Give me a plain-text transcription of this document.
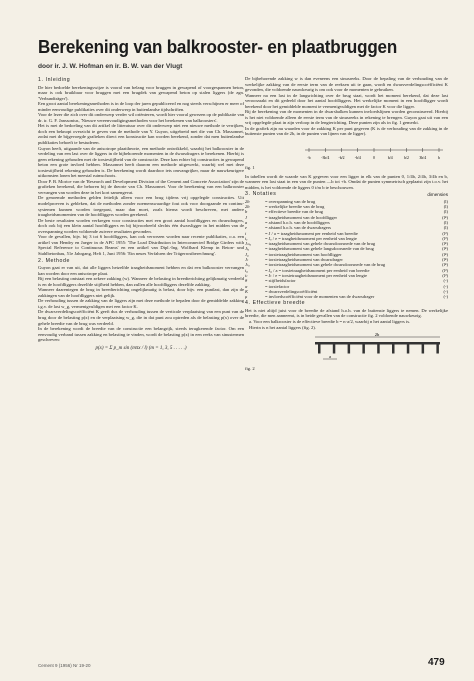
Berekening van balkrooster- en plaatbruggen
door ir. J. W. Hofman en ir. B. W. van der Vlugt
1. Inleiding

De hier bedoelde berekeningswijze is vooral van belang voor bruggen in gewapend of voorgespannen beton, maar is ook bruikbaar voor bruggen met een brugdek van gewapend beton op stalen liggers (de zgn. 'Verbundträger').

Een groot aantal berekeningsmethoden is in de loop der jaren gepubliceerd en nog steeds verschijnen er meer of minder eenvoudige publikaties over dit onderwerp in buitenlandse tijdschriften.

Voor de lezer die zich over dit onderwerp verder wil oriënteren, wordt hier vooral gewezen op de publikatie van dr. ir. G. F. Janssonius, 'Nieuwe vereenvoudigingsmethoden voor het berekenen van balkroosters'.

Het is met de bedoeling van dit artikel de litteratuur over dit onderwerp niet een nieuwe methode te verrijken, doch een beknopt overzicht te geven van de methode van Y. Guyon, uitgebreid met die van Ch. Massonnet, zodat met de bijgevoegde grafieken direct een konstructie kan worden berekend, zonder dat men buitenlandse publikaties behoeft te bestuderen.

Guyon heeft, uitgaande van de anisotrope plaattheorie, een methode ontwikkeld, waarbij het balkrooster in de verdeling van een last over de liggers in de bijbehorende momenten in de dwarsdragers te berekenen. Hierbij is geen rekening gehouden met de torsiestijfheid van de constructie. Deze kan echter bij constructies in gewapend beton een grote invloed hebben. Massonnet heeft daarom een methode uitgewerkt, waarbij wel met deze torsiestijfheid rekening gehouden is. De berekening wordt daardoor iets omvangrijker, maar de nauwkeurigere uitkomsten lonen het meestal ruimschoots.

Door P. B. Morice van de 'Research and Development Division of the Cement and Concrete Association' zijn de grafieken berekend, die behoren bij de theorie van Ch. Massonnet. Voor de berekening van een balkrooster vervangen van worden deze in het kort samengevat.

De genoemde methoden gelden feitelijk alleen voor een brug tijdens vrij opgelegde constructies. Uit modelproeven is gebleken, dat de methoden zonder noemenswaardige fout ook voor doorgaande en continu-systemen kunnen worden toegepast, maar dan moet, zoals hierna wordt beschreven, met andere traagheidsmomenten van de hoofdliggers worden gerekend.

De beste resultaten worden verkregen voor constructies met een groot aantal hoofdliggers en dwarsdragers, doch ook bij een klein aantal hoofdliggers en bij bijvoorbeeld slechts één dwarsligger in het midden van de overspanning worden voldoende zuivere resultaten gevonden.

Voor de gevallen, bijv. bij 3 tot 6 hoofdliggers, kan ook verwezen worden naar recente publikaties, o.a. een artikel van Hendry en Jaeger in de APC 1955: 'The Load Distribution in Interconnected Bridge Girders with Special Reference to Continuous Beams' en een artikel van Dipl.-Ing. Wolfhard Klemp in Beton- und Stahlbetonbau, 51e Jahrgang, Heft 1, Juni 1956: 'Ein neues Verfahren der Trägerrostberechnung'.

2. Methode

Guyon gaat er van uit, dat alle liggers hetzelfde traagheidsmoment hebben en dat een balkrooster vervangen kan worden door een anisotrope plaat.

Bij een belasting ontstaat een zekere zakking (w). Wanneer de belasting in breedterichting gelijkmatig verdeeld is en de hoofdliggers dezelfde stijfheid hebben, dan zullen alle hoofdliggers dezelfde zakking.

Wanneer daarentegen de brug in breedterichting ongelijkmatig is belast, door bijv. een puntlast, dan zijn de zakkingen van de hoofdliggers niet gelijk.

De verhouding tussen de zakking van de liggers zijn met deze methode te bepalen door de gemiddelde zakking t.g.v. de last w_g, vermenigvuldigen met een factor K.

De dwarsverdelingscoëfficiënt K geeft dus de verhouding tussen de verticale verplaatsing van een punt van de brug door de belasting p(x) en de verplaatsing w_g, die in dat punt zou optreden als de belasting p(x) over de gehele breedte van de brug was verdeeld.

In de berekening wordt de breedte van de constructie een belangrijk, steeds terugkerende factor. Om een eenvoudig verband tussen zakking en belasting te vinden, wordt de belasting p(x) in een reeks van sinustermen geschreven:

p(x) = Σ p_m sin (mπx / l) (m = 1, 3, 5 . . . . .)

De bijbehorende zakking w is dan eveneens een sinusreeks. Door de bepaling van de verhouding van de werkelijke zakking van de eerste term van de reeksen uit te gaan, wordt en dwarsverdelingscoëfficiënt K gevonden, die voldoende nauwkeurig is om ook voor de momenten te gebruiken.

Wanneer na een last in de langsrichting over de brug staat, wordt het moment berekend, dat deze last veroorzaakt en dit gedeeld door het aantal hoofdliggers. Het werkelijke moment in een hoofdligger wordt berekend door het gemiddelde moment te vermenigvuldigen met de factor K voor die ligger.

Bij de berekening van de momenten in de dwarsbalken kunnen invloedslijnen worden geconstrueerd. Hierbij is het niet voldoende alleen de eerste term van de sinusreeks in rekening te brengen. Guyon gaat uit van een vrij opgelegde plaat in zijn verloop in de lengterichting. Deze punten zijn als in fig. 1 gemerkt.

In de grafiek zijn nu waarden voor de zakking K per punt gegeven (K is de verhouding van de zakking in de buitenste punten van de 2b, in de punten van lijnen van de ligger).

-b	-3b/4 -b/2	-b/4	0	b/4	b/2	3b/4	b
fig. 1

In tabellen wordt de waarde van K gegeven voor een ligger in elk van de punten 0, 1/4b, 2/4b, 3/4b en b, wanneer een last staat in een van de punten —b tot +b. Omdat de punten symmetrisch geplaatst zijn t.o.v. het midden, is het voldoende de liggers 0 t/m b te beschouwen.

3. Notaties	dimensies
2b	= overspanning van de brug	(l)
2b	= werkelijke breedte van de brug	(l)
b	= effectieve breedte van de brug	(l)
J	= traagheidsmoment van de hoofdligger	(l⁴)
a	= afstand h.o.h. van de hoofdliggers	(l)
e	= afstand h.o.h. van de dwarsdragers	(l)
i	= J / a = traagheidsmoment per eenheid van breedte	(l³)
iₑ	= Jₑ / e = traagheidsmoment per eenheid van lengte	(l³)
Jₘₐ	= traagheidsmoment van gehele dwarsdoorsnede van de brug	(l⁴)
Jₗₐ	= traagheidsmoment van gehele langsdoorsnede van de brug	(l⁴)
J₀	= torsietraagheidsmoment van hoofdligger	(l⁴)
Jₜ	= torsietraagheidsmoment van dwarsdrager	(l⁴)
Jₜₒ	= torsietraagheidsmoment van gehele dwarsdoorsnede van de brug	(l⁴)
i₀	= J₀ / a = torsietraagheidsmoment per eenheid van breedte	(l³)
iₜ	= Jₜ / e = torsietraagheidsmoment per eenheid van lengte	(l³)
θ	= stijfheidsfactor	(-)
α	= torsiefactor	(-)
K	= dwarsverdelingscoëfficiënt	(-)
μ	= invloedscoëfficiënt voor de momenten van de dwarsdrager	(-)
4. Effectieve breedte

Het is niet altijd juist voor de breedte de afstand h.o.h. van de buitenste liggers te nemen. De werkelijke breedte, die men aanneemt, is in beide gevallen van de constructie fig. 2 voldoende nauwkeurig.

a. Voor een balkrooster is de effectieve breedte b = n·a/2, waarbij n het aantal liggers is.

Hierin is n het aantal liggers (fig. 2).

2b
a
fig. 2
Cement 9 (1956) Nr 19-20	479
